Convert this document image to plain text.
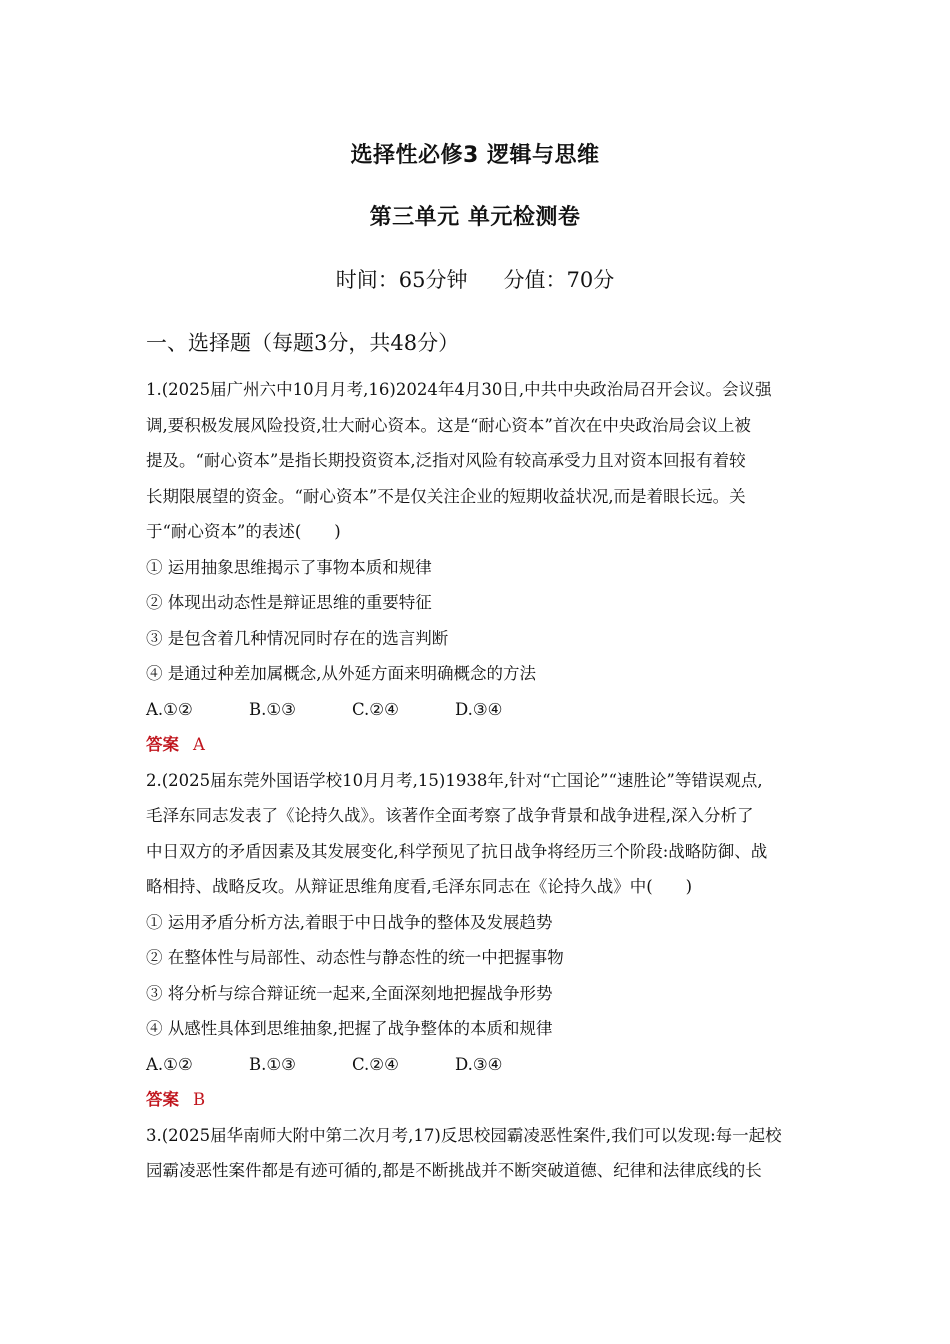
选择性必修3 逻辑与思维
第三单元 单元检测卷
时间：65分钟 分值：70分
一、选择题（每题3分，共48分）
1.(2025届广州六中10月月考,16)2024年4月30日,中共中央政治局召开会议。会议强
调,要积极发展风险投资,壮大耐心资本。这是“耐心资本”首次在中央政治局会议上被
提及。“耐心资本”是指长期投资资本,泛指对风险有较高承受力且对资本回报有着较
长期限展望的资金。“耐心资本”不是仅关注企业的短期收益状况,而是着眼长远。关
于“耐心资本”的表述(　　)
① 运用抽象思维揭示了事物本质和规律
② 体现出动态性是辩证思维的重要特征
③ 是包含着几种情况同时存在的选言判断
④ 是通过种差加属概念,从外延方面来明确概念的方法
A.①②	B.①③	C.②④	D.③④
答案 A
2.(2025届东莞外国语学校10月月考,15)1938年,针对“亡国论”“速胜论”等错误观点,
毛泽东同志发表了《论持久战》。该著作全面考察了战争背景和战争进程,深入分析了
中日双方的矛盾因素及其发展变化,科学预见了抗日战争将经历三个阶段:战略防御、战
略相持、战略反攻。从辩证思维角度看,毛泽东同志在《论持久战》中(　　)
① 运用矛盾分析方法,着眼于中日战争的整体及发展趋势
② 在整体性与局部性、动态性与静态性的统一中把握事物
③ 将分析与综合辩证统一起来,全面深刻地把握战争形势
④ 从感性具体到思维抽象,把握了战争整体的本质和规律
A.①②	B.①③	C.②④	D.③④
答案 B
3.(2025届华南师大附中第二次月考,17)反思校园霸凌恶性案件,我们可以发现:每一起校
园霸凌恶性案件都是有迹可循的,都是不断挑战并不断突破道德、纪律和法律底线的长
